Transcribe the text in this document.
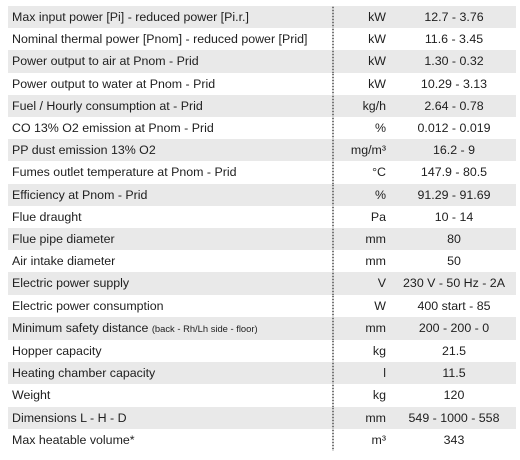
Max input power [Pi] - reduced power [Pi.r.]		kW	12.7 - 3.76
Nominal thermal power [Pnom] - reduced power [Prid]		kW	11.6 - 3.45
Power output to air at Pnom - Prid		kW	1.30 - 0.32
Power output to water at Pnom - Prid		kW	10.29 - 3.13
Fuel / Hourly consumption at - Prid		kg/h	2.64 - 0.78
CO 13% O2 emission at Pnom - Prid		%	0.012 - 0.019
PP dust emission 13% O2		mg/m³	16.2 - 9
Fumes outlet temperature at Pnom - Prid		°C	147.9 - 80.5
Efficiency at Pnom - Prid		%	91.29 - 91.69
Flue draught		Pa	10 - 14
Flue pipe diameter		mm	80
Air intake diameter		mm	50
Electric power supply		V	230 V - 50 Hz - 2A
Electric power consumption		W	400 start - 85
Minimum safety distance (back - Rh/Lh side - floor)		mm	200 - 200 - 0
Hopper capacity		kg	21.5
Heating chamber capacity		l	11.5
Weight		kg	120
Dimensions L - H - D		mm	549 - 1000 - 558
Max heatable volume*		m³	343
